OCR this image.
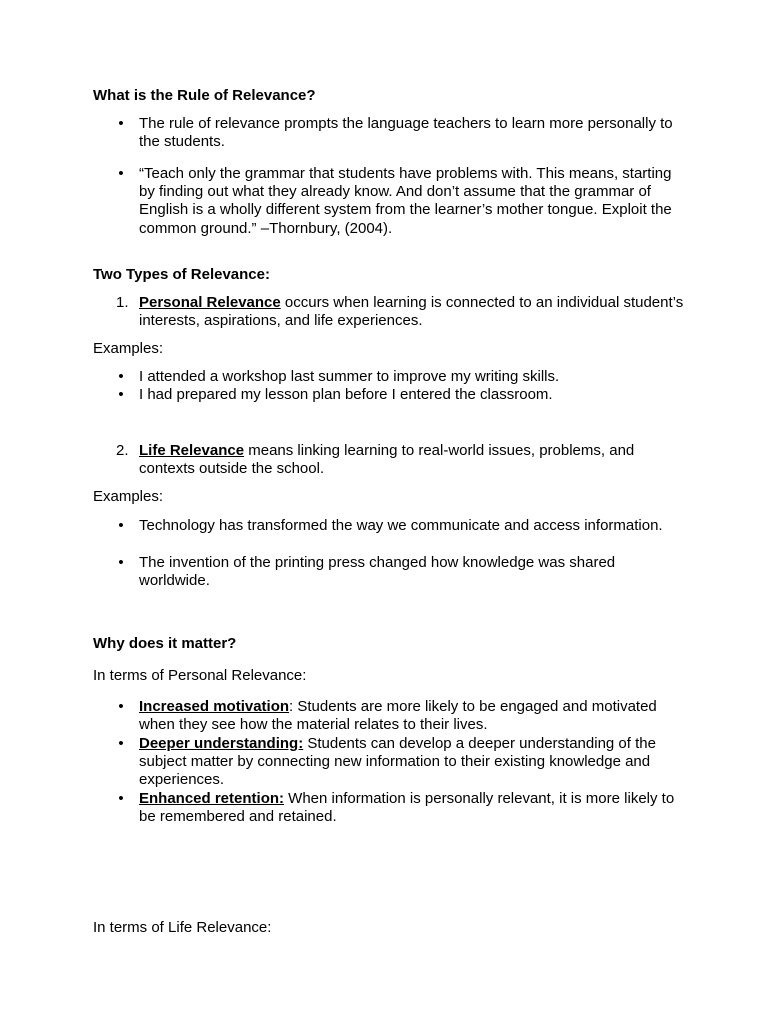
What is the Rule of Relevance?

•	The rule of relevance prompts the language teachers to learn more personally to the students.

•	“Teach only the grammar that students have problems with. This means, starting by finding out what they already know. And don’t assume that the grammar of English is a wholly different system from the learner’s mother tongue. Exploit the common ground.” –Thornbury, (2004).

Two Types of Relevance:

1. Personal Relevance occurs when learning is connected to an individual student’s interests, aspirations, and life experiences.

Examples:

•	I attended a workshop last summer to improve my writing skills.

•	I had prepared my lesson plan before I entered the classroom.

2. Life Relevance means linking learning to real-world issues, problems, and contexts outside the school.

Examples:

•	Technology has transformed the way we communicate and access information.

•	The invention of the printing press changed how knowledge was shared worldwide.

Why does it matter?

In terms of Personal Relevance:

•	Increased motivation: Students are more likely to be engaged and motivated when they see how the material relates to their lives.

•	Deeper understanding: Students can develop a deeper understanding of the subject matter by connecting new information to their existing knowledge and experiences.

•	Enhanced retention: When information is personally relevant, it is more likely to be remembered and retained.

In terms of Life Relevance:
